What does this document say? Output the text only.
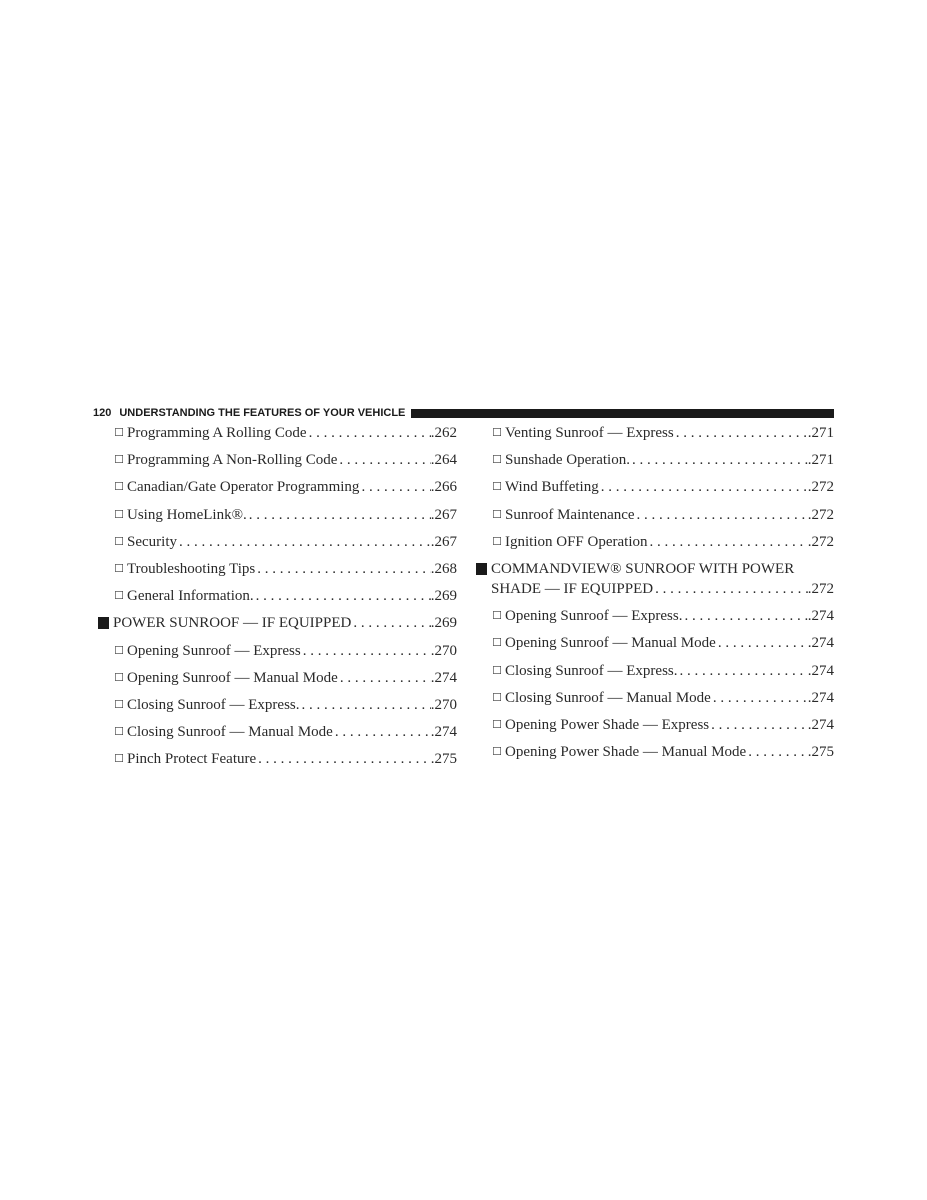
120 UNDERSTANDING THE FEATURES OF YOUR VEHICLE
☐ Programming A Rolling Code . . .	.262
☐ Programming A Non-Rolling Code . . .	.264
☐ Canadian/Gate Operator Programming . . .	.266
☐ Using HomeLink®. . . .	.267
☐ Security . . .	.267
☐ Troubleshooting Tips . . .	.268
☐ General Information. . . .	.269
POWER SUNROOF — IF EQUIPPED . . .	.269
☐ Opening Sunroof — Express . . .	.270
☐ Opening Sunroof — Manual Mode . . .	.274
☐ Closing Sunroof — Express. . . .	.270
☐ Closing Sunroof — Manual Mode . . .	.274
☐ Pinch Protect Feature . . .	.275
☐ Venting Sunroof — Express . . .	.271
☐ Sunshade Operation. . . .	.271
☐ Wind Buffeting . . .	.272
☐ Sunroof Maintenance . . .	.272
☐ Ignition OFF Operation . . .	.272
COMMANDVIEW® SUNROOF WITH POWER
SHADE — IF EQUIPPED . . .	.272
☐ Opening Sunroof — Express. . . .	.274
☐ Opening Sunroof — Manual Mode . . .	.274
☐ Closing Sunroof — Express. . . .	.274
☐ Closing Sunroof — Manual Mode . . .	.274
☐ Opening Power Shade — Express . . .	.274
☐ Opening Power Shade — Manual Mode . . .	.275
